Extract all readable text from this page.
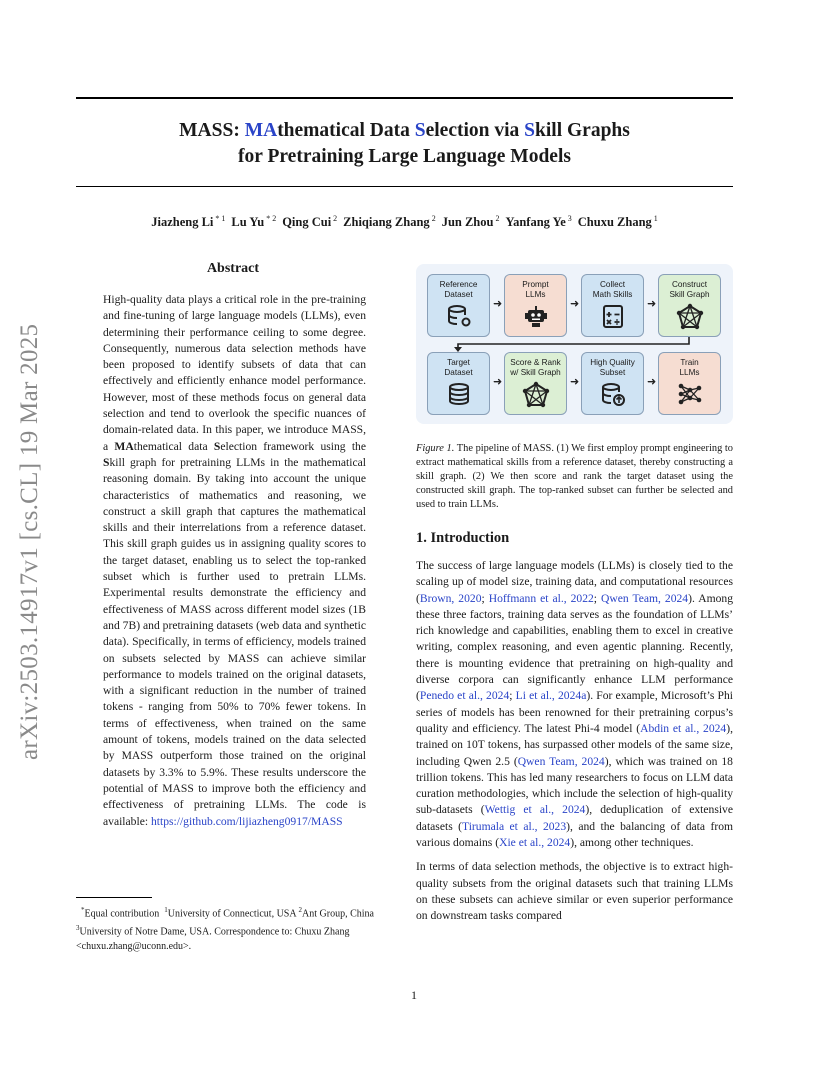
arXiv:2503.14917v1 [cs.CL] 19 Mar 2025
MASS: MAthematical Data Selection via Skill Graphs
for Pretraining Large Language Models
Jiazheng Li $^{* 1}$ Lu Yu $^{* 2}$ Qing Cui $^2$ Zhiqiang Zhang $^2$ Jun Zhou $^2$ Yanfang Ye $^3$ Chuxu Zhang $^1$
Abstract
High-quality data plays a critical role in the pre-training and fine-tuning of large language models (LLMs), even determining their performance ceiling to some degree. Consequently, numerous data selection methods have been proposed to identify subsets of data that can effectively and efficiently enhance model performance. However, most of these methods focus on general data selection and tend to overlook the specific nuances of domain-related data. In this paper, we introduce MASS, a MAthematical data Selection framework using the Skill graph for pretraining LLMs in the mathematical reasoning domain. By taking into account the unique characteristics of mathematics and reasoning, we construct a skill graph that captures the mathematical skills and their interrelations from a reference dataset. This skill graph guides us in assigning quality scores to the target dataset, enabling us to select the top-ranked subset which is further used to pretrain LLMs. Experimental results demonstrate the efficiency and effectiveness of MASS across different model sizes (1B and 7B) and pretraining datasets (web data and synthetic data). Specifically, in terms of efficiency, models trained on subsets selected by MASS can achieve similar performance to models trained on the original datasets, with a significant reduction in the number of trained tokens - ranging from 50% to 70% fewer tokens. In terms of effectiveness, when trained on the same amount of tokens, models trained on the data selected by MASS outperform those trained on the original datasets by 3.3% to 5.9%. These results underscore the potential of MASS to improve both the efficiency and effectiveness of pretraining LLMs. The code is available: https://github.com/lijiazheng0917/MASS
*Equal contribution $^1$University of Connecticut, USA $^2$Ant Group, China $^3$University of Notre Dame, USA. Correspondence to: Chuxu Zhang <chuxu.zhang@uconn.edu>.
Reference
Dataset
Prompt
LLMs
Collect
Math Skills
Construct
Skill Graph
Target
Dataset
Score & Rank
w/ Skill Graph
High Quality
Subset
Train
LLMs
➜
➜
➜
➜
➜
➜
Figure 1. The pipeline of MASS. (1) We first employ prompt engineering to extract mathematical skills from a reference dataset, thereby constructing a skill graph. (2) We then score and rank the target dataset using the constructed skill graph. The top-ranked subset can further be selected and used to train LLMs.
1. Introduction

The success of large language models (LLMs) is closely tied to the scaling up of model size, training data, and computational resources (Brown, 2020; Hoffmann et al., 2022; Qwen Team, 2024). Among these three factors, training data serves as the foundation of LLMs’ rich knowledge and capabilities, enabling them to excel in creative writing, complex reasoning, and even agentic planning. Recently, there is mounting evidence that pretraining on high-quality and diverse corpora can significantly enhance LLM performance (Penedo et al., 2024; Li et al., 2024a). For example, Microsoft’s Phi series of models has been renowned for their pretraining corpus’s quality and efficiency. The latest Phi-4 model (Abdin et al., 2024), trained on 10T tokens, has surpassed other models of the same size, including Qwen 2.5 (Qwen Team, 2024), which was trained on 18 trillion tokens. This has led many researchers to focus on LLM data curation methodologies, which include the selection of high-quality sub-datasets (Wettig et al., 2024), deduplication of extensive datasets (Tirumala et al., 2023), and the balancing of data from various domains (Xie et al., 2024), among other techniques.

In terms of data selection methods, the objective is to extract high-quality subsets from the original datasets such that training LLMs on these subsets can achieve similar or even superior performance on downstream tasks compared

1
